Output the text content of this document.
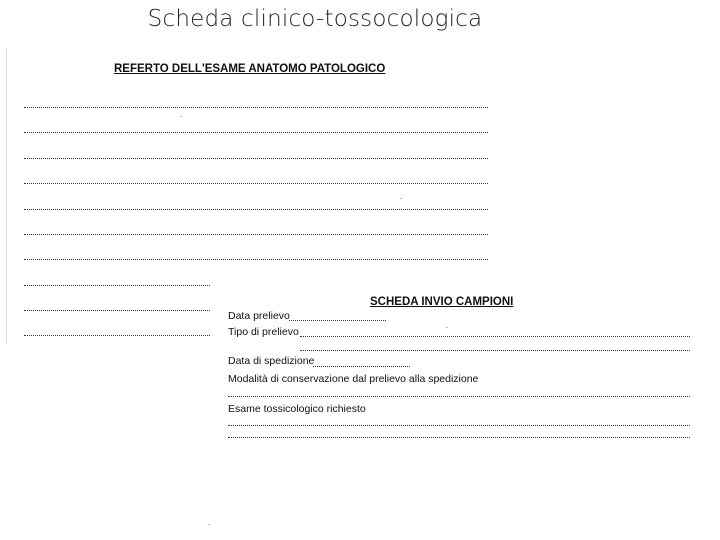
Scheda clinico-tossocologica
REFERTO DELL'ESAME ANATOMO PATOLOGICO
SCHEDA INVIO CAMPIONI
Data prelievo
Tipo di prelievo
Data di spedizione
Modalità di conservazione dal prelievo alla spedizione
Esame tossicologico richiesto
